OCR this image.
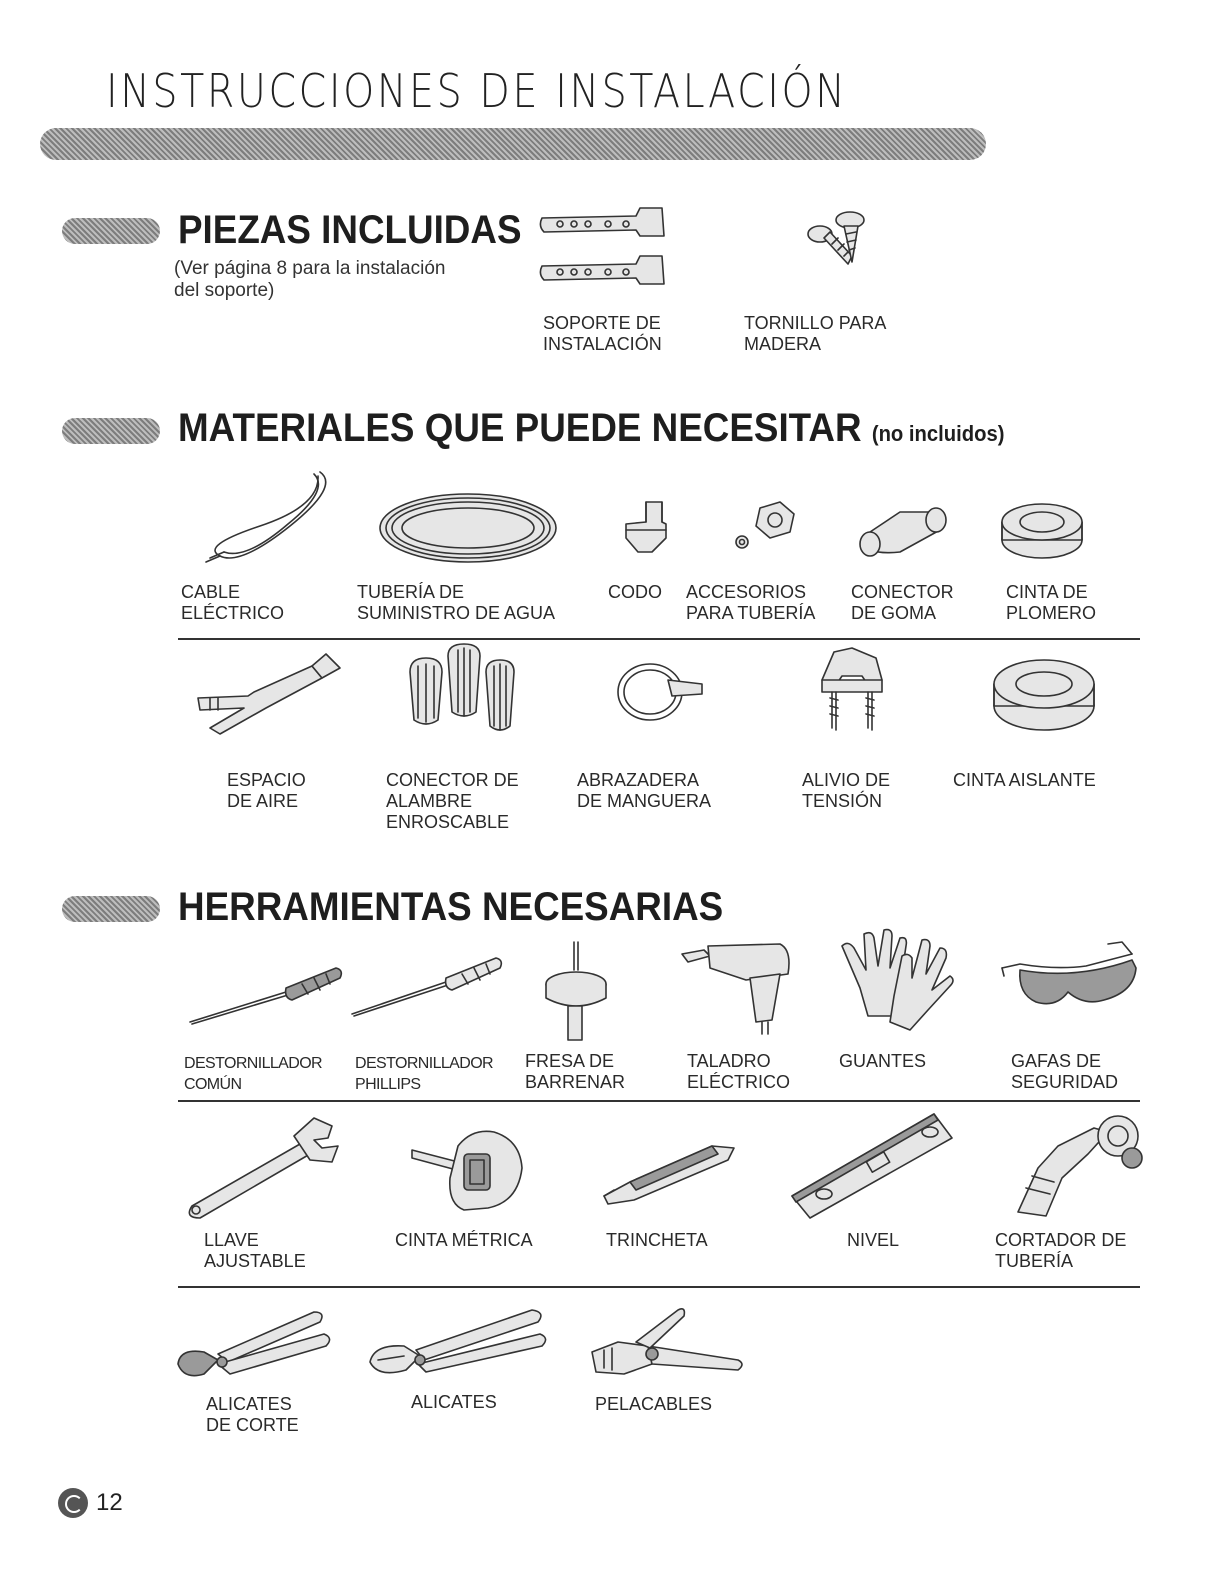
INSTRUCCIONES DE INSTALACIÓN
PIEZAS INCLUIDAS
(Ver página 8 para la instalación
del soporte)
SOPORTE DE
INSTALACIÓN
TORNILLO PARA
MADERA
MATERIALES QUE PUEDE NECESITAR (no incluidos)
CABLE
ELÉCTRICO
TUBERÍA DE
SUMINISTRO DE AGUA
CODO ACCESORIOS
PARA TUBERÍA
CONECTOR
DE GOMA
CINTA DE
PLOMERO
ESPACIO
DE AIRE
CONECTOR DE
ALAMBRE
ENROSCABLE
ABRAZADERA
DE MANGUERA
ALIVIO DE
TENSIÓN
CINTA AISLANTE
HERRAMIENTAS NECESARIAS
DESTORNILLADOR
COMÚN
DESTORNILLADOR
PHILLIPS
FRESA DE
BARRENAR
TALADRO
ELÉCTRICO
GUANTES	GAFAS DE
SEGURIDAD
LLAVE
AJUSTABLE
CINTA MÉTRICA	TRINCHETA	NIVEL	CORTADOR DE
TUBERÍA
ALICATES
DE CORTE
ALICATES	PELACABLES
12
